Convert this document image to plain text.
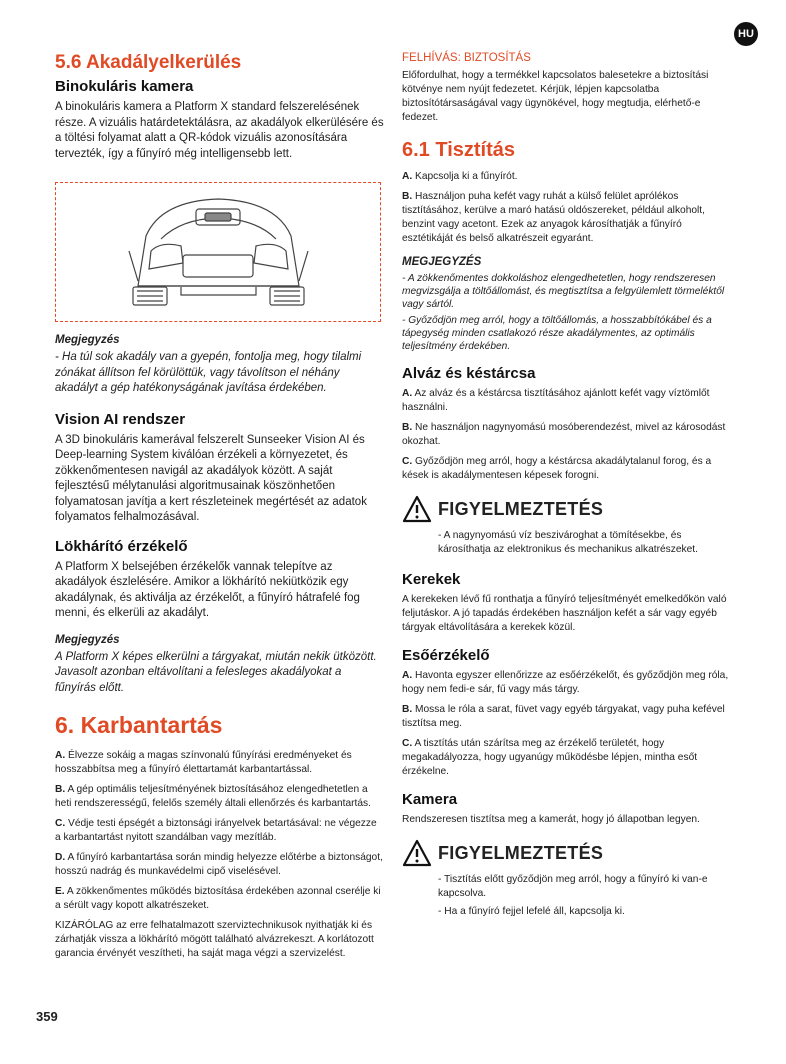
HU
5.6 Akadályelkerülés
Binokuláris kamera

A binokuláris kamera a Platform X standard felszerelésének része. A vizuális határdetektálásra, az akadályok elkerülésére és a töltési folyamat alatt a QR-kódok vizuális azonosítására tervezték, így a fűnyíró még intelligensebb lett.

Megjegyzés
- Ha túl sok akadály van a gyepén, fontolja meg, hogy tilalmi zónákat állítson fel körülöttük, vagy távolítson el néhány akadályt a gép hatékonyságának javítása érdekében.
Vision AI rendszer

A 3D binokuláris kamerával felszerelt Sunseeker Vision AI és Deep-learning System kiválóan érzékeli a környezetet, és zökkenőmentesen navigál az akadályok között. A saját fejlesztésű mélytanulási algoritmusainak köszönhetően folyamatosan javítja a kert részleteinek megértését az adatok folyamatos felhalmozásával.

Lökhárító érzékelő

A Platform X belsejében érzékelők vannak telepítve az akadályok észlelésére. Amikor a lökhárító nekiütközik egy akadálynak, és aktiválja az érzékelőt, a fűnyíró hátrafelé fog menni, és elkerüli az akadályt.

Megjegyzés
A Platform X képes elkerülni a tárgyakat, miután nekik ütközött. Javasolt azonban eltávolítani a felesleges akadályokat a fűnyírás előtt.
6. Karbantartás

A. Élvezze sokáig a magas színvonalú fűnyírási eredményeket és hosszabbítsa meg a fűnyíró élettartamát karbantartással.

B. A gép optimális teljesítményének biztosításához elengedhetetlen a heti rendszerességű, felelős személy általi ellenőrzés és karbantartás.

C. Védje testi épségét a biztonsági irányelvek betartásával: ne végezze a karbantartást nyitott szandálban vagy mezítláb.

D. A fűnyíró karbantartása során mindig helyezze előtérbe a biztonságot, hosszú nadrág és munkavédelmi cipő viselésével.

E. A zökkenőmentes működés biztosítása érdekében azonnal cserélje ki a sérült vagy kopott alkatrészeket.

KIZÁRÓLAG az erre felhatalmazott szerviztechnikusok nyithatják ki és zárhatják vissza a lökhárító mögött található alvázrekeszt. A korlátozott garancia érvényét veszítheti, ha saját maga végzi a szervizelést.

FELHÍVÁS: BIZTOSÍTÁS

Előfordulhat, hogy a termékkel kapcsolatos balesetekre a biztosítási kötvénye nem nyújt fedezetet. Kérjük, lépjen kapcsolatba biztosítótársaságával vagy ügynökével, hogy megtudja, elérhető-e fedezet.

6.1 Tisztítás

A. Kapcsolja ki a fűnyírót.

B. Használjon puha kefét vagy ruhát a külső felület aprólékos tisztításához, kerülve a maró hatású oldószereket, például alkoholt, benzint vagy acetont. Ezek az anyagok károsíthatják a fűnyíró esztétikáját és belső alkatrészeit egyaránt.

MEGJEGYZÉS
- A zökkenőmentes dokkoláshoz elengedhetetlen, hogy rendszeresen megvizsgálja a töltőállomást, és megtisztítsa a felgyülemlett törmeléktől vagy sártól.
- Győződjön meg arról, hogy a töltőállomás, a hosszabbítókábel és a tápegység minden csatlakozó része akadálymentes, az optimális teljesítmény érdekében.
Alváz és késtárcsa

A. Az alváz és a késtárcsa tisztításához ajánlott kefét vagy víztömlőt használni.

B. Ne használjon nagynyomású mosóberendezést, mivel az károsodást okozhat.

C. Győződjön meg arról, hogy a késtárcsa akadálytalanul forog, és a kések is akadálymentesen képesek forogni.

FIGYELMEZTETÉS

- A nagynyomású víz beszivároghat a tömítésekbe, és károsíthatja az elektronikus és mechanikus alkatrészeket.

Kerekek

A kerekeken lévő fű ronthatja a fűnyíró teljesítményét emelkedőkön való feljutáskor. A jó tapadás érdekében használjon kefét a sár vagy egyéb tárgyak eltávolítására a kerekek közül.

Esőérzékelő

A. Havonta egyszer ellenőrizze az esőérzékelőt, és győződjön meg róla, hogy nem fedi-e sár, fű vagy más tárgy.

B. Mossa le róla a sarat, füvet vagy egyéb tárgyakat, vagy puha kefével tisztítsa meg.

C. A tisztítás után szárítsa meg az érzékelő területét, hogy megakadályozza, hogy ugyanúgy működésbe lépjen, mintha esőt érzékelne.

Kamera

Rendszeresen tisztítsa meg a kamerát, hogy jó állapotban legyen.

FIGYELMEZTETÉS

- Tisztítás előtt győződjön meg arról, hogy a fűnyíró ki van-e kapcsolva.

- Ha a fűnyíró fejjel lefelé áll, kapcsolja ki.

359
